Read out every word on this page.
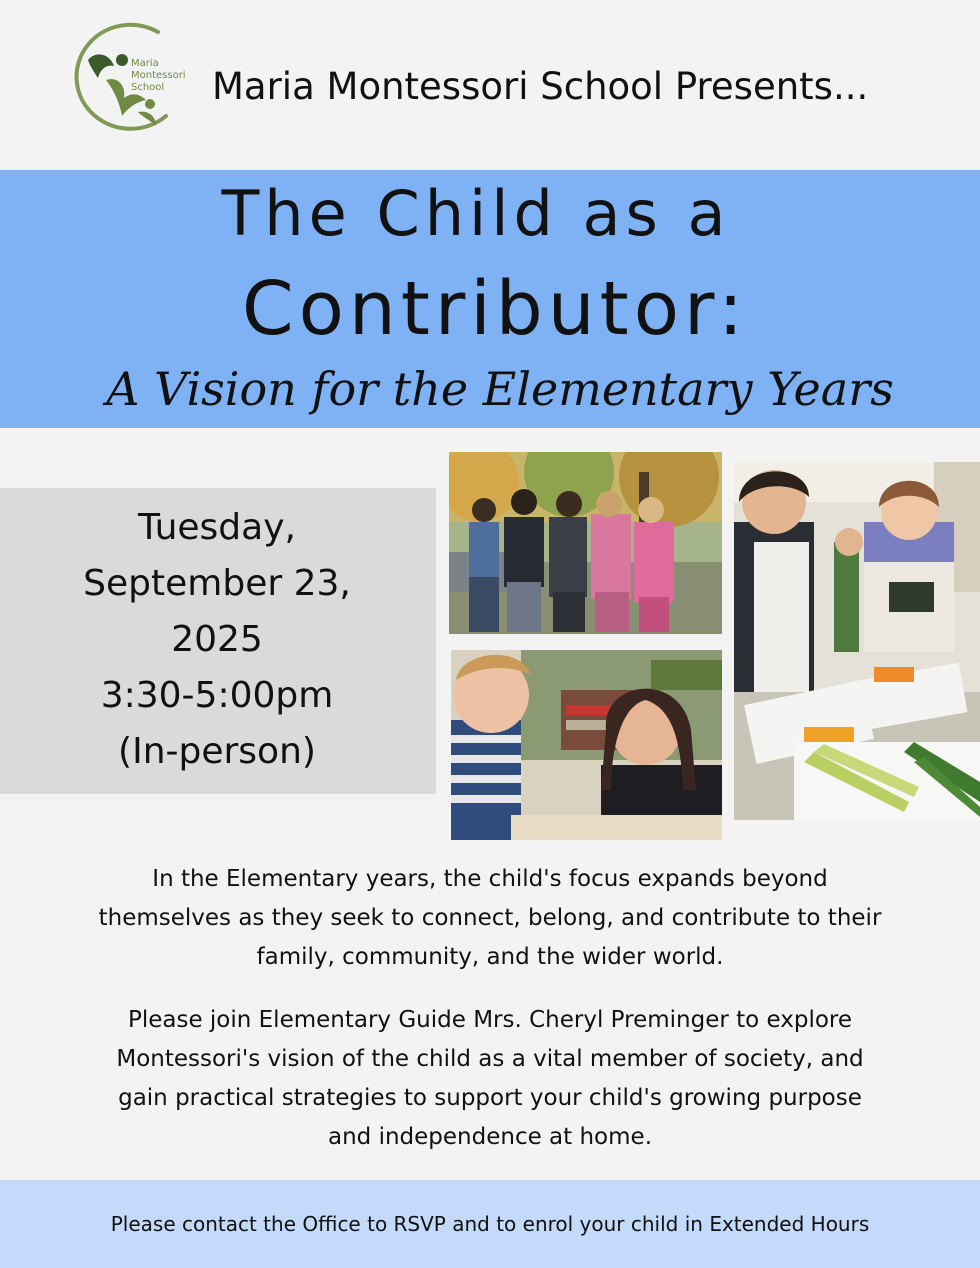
Maria
Montessori
School	Maria Montessori School Presents...
The Child as a
Contributor:
A Vision for the Elementary Years
Tuesday,
September 23,
2025
3:30-5:00pm
(In-person)
In the Elementary years, the child's focus expands beyond
themselves as they seek to connect, belong, and contribute to their
family, community, and the wider world.
Please join Elementary Guide Mrs. Cheryl Preminger to explore
Montessori's vision of the child as a vital member of society, and
gain practical strategies to support your child's growing purpose
and independence at home.
Please contact the Office to RSVP and to enrol your child in Extended Hours
